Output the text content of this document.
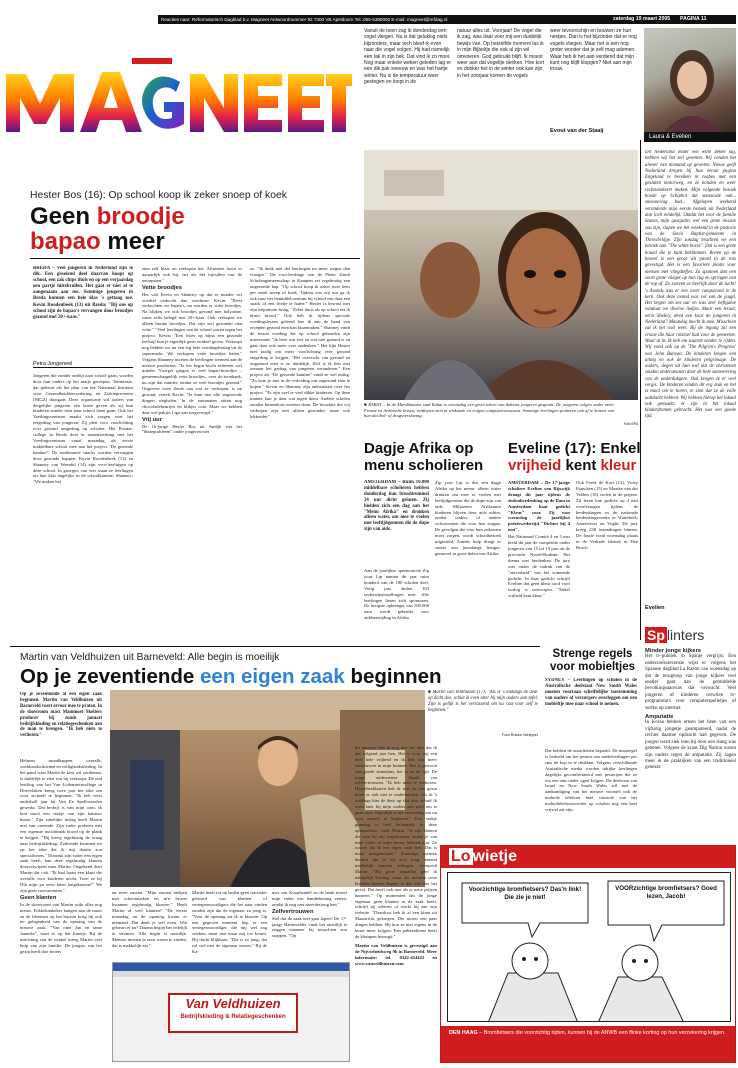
Reacties naar: Reformatorisch Dagblad b.v. Magneet Antwoordnummer 92 7300 VB Apeldoorn Tel.:055-5390000 E-mail: magneet@refdag.nl	zaterdag 19 maart 2005 PAGINA 11
Laura & Evelien
Vanuit de oven zag ik donderdag een vogel vliegen. Nu is dat gelukkig niets bijzonders, maar toch bleef ik even naar die vogel volgen. Hij had namelijk een tak in zijn bek. Dat vind ik zo mooi. Nog maar enkele weken geleden lag er een dik pak sneeuw en was het hartje winter. Nu is de temperatuur weer gestegen en loopt in de
natuur alles uit. Voorjaar! De vogel die ik zag, was daar voor mij een duidelijk bewijs van. Op hetzelfde moment las ik in mijn Bijbeltje die ook al zijn wil omvoeren. God gebruikt blijft. Ik moest weer aan dat vogeltje denken. Hoe kort en donker het in de winter ook kan zijn, in het voorjaar komen de vogels
weer tevoorschijn en bouwen ze hun nestjes. Dan is het bijzonder dat er nog vogels vliegen. Maar het is een nog groter wonder dat je zelf mag ademen. Waar heb ik het aan verdiend dat mijn kunt nog blijft klopgen? Niet aan mijn trouw.
Evout van der Staaij
Hester Bos (16): Op school koop ik zeker snoep of koek
Geen broodje
bapao meer
BREDA – Veel jongeren in Nederland zijn te dik. Een groeiend deel daarvan koopt op school, een zak chips thuis en op een verjaardag een partje hittebrullen. Het gaat er niet al te aangenaam aan toe. Sommige jongeren in Breda kunnen een hele klas 's gettaag toe. Kevin Roodenbeek (13) uit Breda: "Bij ons op school zijn de bapao's vervangen door broodjes gezond met 20+-kaas."
Petra Jongeneel
Jongeren die zonder ontbijt naar school gaan, worden door hun ouders op het matje geroepen. Tenminste, dat gebeurt als het plan van het Nationaal Instituut voor Gezondheidsbevordering en Ziektepreventie (NIGZ) doorgaat. Deze organisatie wil ouders van dergelijke jongeren een boete geven als zij hun kinderen zonder eten naar school laten gaan. Ook het Voedingscentrum maakt zich zorgen over het eetgedrag van jongeren. Zij pleit voor voorlichting over gezond ontgedrag op scholen. Het Prisma-college in Breda doet in samenwerking met het Voedingscentrum vanaf maandag als eerste middelbare school mee aan het project "De gezonde kantine". De traditionele snacks worden vervangen door gezonde happen. Kevin Roodenbeek (13) en Shanney van Weerdel (14) zijn vwo-leerlingen op deze school. In groepjes van vier staan ze leerlingen uit hun klas dagelijks in de schoolkantine. Shanney: "We maken het

eten zelf klaar en verkopen het. Afruimen hoort er natuurlijk ook bij, net als het bijvullen van de automaten."

Vette broodjes

Het valt Kevin en Shanney op dat er minder vet voedsel verkocht dan voorheen. Kevin: "Eerst verkochten we bapao's, nu worden er witte broodjes. Na blijken we ook broodjes gezond met halvarine, soms zelfs belegd met 20+-kaas. Ook verkopen we alleen bruine broodjes. Dat zijn wel gezonder dan witte." "Veel leerlingen van de school waren tegen het project. Kevin: "Een frites op bijna een gezonde leefstijl kun je eigenlijk geen oordeel geven. Verkoopt nog hebben we nu een erg hele voedingsbeslag uit de supermarkt. We verkopen vette broodjes halen." Volgens Shanney moeten de leerlingen wennen aan de nieuwe producten. "Je bet begin kocht iedereen wel minder. Vroeger gingen er veel bapao-broodjes –gemeenschappelijk vette broodjes– over de toonbank, nu zijn dat minder, omdat ze veel broodjes gezond." Ongeveer twee derde van wat ze verkopen, is nu gezond, vertelt Kevin. "Je kunt niet alle ongezonde dingen weghalen. In de automaten zitten nog chocoladebeurtjes en blikjes cola. Maar we hebben daar wel pakjes Liga aan toegevoegd."

Vrij uur

De 16-jarige Hester Bos uit Andijk ziet het "dikteprobleem" onder jongeren niet

zo. "Ik denk niet dat leerlingen nu meer wegen dan vroeger." De vwo-leerlinge van de Pieter Zandt Scholengemeenschap in Kampen zet regelmatig een ongezonde hap. "Op school koop ik zeker twee keer per week snoep of koek. Tijdens een vrij uur ga ik ook naar het bemiddelcentrum bij school om daar een snack of een frietje te halen." Hester is bewust met zijn eetpatroon bezig. "Zeker thuis als op school eet ik bruin brood." Ook heb ik tijdens speciale voedingslessen geleerd hoe ik aan de hand van recepten gezond eten kan klaarmaken." Shanney vindt de lessen voeding die op school gehouden zijn interessant. "Je leert wat wel en wat niet gezond is en gaat daar ook meer over nadenken." Het lijkt Hester niet nodig om meer voorlichting over gezond eetgedrag te krijgen. "Het overzicht van gezond en ongezond eten is zo duidelijk. Zelf is ik ben niet zomaar het gedrag van jongeren veranderen." Een project als "De gezonde kantine" vindt ze wel nuttig. "Zo kom je niet in de verleiding om ongezond eten te kopen." Kevin en Shanney zijn enthousiast over het project. "Er zijn veel te veel dikke kinderen. Op deze manier kun je daar wat tegen doen. Andere scholen zouden binnenkort moeten doen. De broodjes die wij verkopen zijn niet alleen gezonder, maar ook lekkerder."
■ RABAT – In de Marokkaanse stad Rabat is woensdag een groot tekort van dakloze jongeren gesprokt. De jongeren volgen onder meer Franse en Arabische lessen, verdiepen zich in wiskunde en volgen computercursussen. Sommige leerlingen proberen ook af te komen van hun alcohol- of drugsverslaving.
Foto EPA
Dagje Afrika op menu scholieren
AMSTERDAM – Ruim 10.000 middelbare scholieren hebben donderdag hun broodtrommel 24 uur dicht gelaten. Zij hielden zich een dag aan het "Menu Afrika" en dronken alleen water, om mee te voelen met leeftijdgenoten die de dupe zijn van aids.
Aan de jaarlijkse sponsoractie Zip your Lip namen dit jaar ruim honderd van de 180 scholen deel. Vorig jaar deden 163 onderwijsinstellingen mee. Alle leerlingen lieten zich sponsoren. De hoogste opbrengst van 500.000 euro wordt gebruikt voor aidsbestrijding in Afrika.
Zip your Lip is dus een dagje Afrika op het menu: alleen water drinken om mee te voelen met leeftijdgenoten die de dupe zijn van aids. Miljoenen Afrikaanse kinderen blijven door aids achter, omdat ouders of andere volwassenen die voor hen zorgen. De gevolgen die voor hun onkomen moet zorgen, wordt schoolbezoek uitgesteld. Zonder hulp dreigt er steeds een jarenlange honger- gemoord in grote delen van Afrika.
Eveline (17): Enkel
vrijheid kent kleur

AMSTERDAM – De 17-jarige scholiere Eveline van Rijswijk draagt dit jaar tijdens de dodenherdenking op de Dam in Amsterdam haar gedicht "Kleur" voor. Zij won woensdag de jaarlijkse poëziewedstrijd "Dichter bij 4 mei".

Het Nationaal Comité 4 en 5 mei hield dit jaar de competitie onder jongeren van 15 tot 19 jaar uit de provincie Noord-Brabant. Het thema was herdenken. De jury was onder de indruk van de "zuiverheid" van het winnende gedicht. In haar gedicht schrijft Eveline dat geen kleur oord voor oorlog is ontworpen. "Enkel vrijheid kent kleur."

Ook Freek de Kort (14), Vicky Francken (15) en Maaike van der Velden (16) vielen in de prijzen. Zij lezen hun gedicht op 4 mei voorlezingen tijdens de herdenkingen in de nationale herdenkingscentra in Waterberk, Amersfoort en Vught. De jury kreeg 238 inzendingen binnen. De finale vond woensdag plaats in de Verkade fabriek in Den Bosch.
Dit Nederland onder een witte deken lag, hebben wij het zeil geweten. Wij vonden het alweer van niemand op geweten. Nieuw geeft Nederland kregen bij hun eerste pagina Engeland te bereiken in roabes met een geslaten motorweg, en ze konden en weer rechtsomkeert maken. Mijn volgende bezoek hoede op Schiphol dat sneeuwde ook... sneeuwvlag had... Afgelopen weekend veranderde mijn eerste bezoek uit Nederland dan toch eindelijk. Omdat het voor de familie Stanes, mijn gastgezin, wel een grote invasie zou zijn, slapen we het weekend in de pastorie van de Sovia Baptist-gemeente in Throwbridge. Zijn zondag brachten we een bezoek aan "The white horse". Dat is een grote houed die je kunt beklimmen. Boven op de heuvel is een groot wit paard in de rots gevestigd. Het is een favoriete plaats voor mensen met vliegdiefjes. Zo spannen dan een soort grote vlieger op hun rug en springen van de top af. Zo zweven ze heerlijk door de lucht! 's Avonds was er een soort campavond in de kerk. Ook deze avond was vol van de jeugd. Het begon om zes uur en was zeer heftgaloe vandaar we diverse liedjes. Maar een leraar, eerst Shelley, deed een koor de jongeren in Nederland? Maandag mocht ik mee. Misschien zal ik het ooit weer. Bij de ingang zat een vrouw die haar rolstoel had voor de gemeente. Waar al in. Ik heb om waarde zonder te rijden. Wij vond ook op de 'The Pilgrim's Progress' van John Bunyan. De kinderen kregen een uitleg en ook de kinderen pelgrimage. De ouders, degen uit hun wal dat de christenen zouden ondersteunen door de hele samenleving van de onderdakgere. Ook kregen ze er veel vergis. De kinderen vinden dit erg leuk en het is mooi om te horen, te zien dat ze de volle aandacht hebben. Wij hebben hierop het lokaal ook gemaakt; er zijn in het lokaal kinderdromen gebracht. Het was een goede tijd.
Evelien
Sp linters
Minder jonge kijkers

Het tv-publiek in Spanje vergrijst. Een onderzoeksrecensie wijst er volgens het Spaanse dagblad La Razon van woensdag op dat de terugloop van jonge kijkers veel sneller gaat dan de gemiddelde bevolkingsaanwas dat verwacht. Veel jongeren of kinderen verwilen tv-programma's voor computerspelletjes of surfen op internet.

Amputatie

In Korea hebben artsen het been van een vijftarig jongetje geamputeerd, nadat de rechter daartoe opdracht had gegeven. De jongen werd ziek toen bij door een slang was gebeten. Volgens de krant Dig Nation waren zijn ouders tegen de amputatie. Zij zagen meer in de praktijken van een traditioneel genezer.

Strenge regels voor mobieltjes
SYDNEY – Leerlingen op scholen in de Australische deelstaat New South Wales moeten voortaan schriftelijke toestemming van ouders of verzorgers overleggen om een mobieltje mee naar school te nemen.
Dat hebben de autoriteiten bepaald. De maatregel is bedoeld om het pesten van medeleerlingen per sms de kop in te drukken. Volgens verschillende Australische media worden talrijke leerlingen dagelijks gecomfronteerd met pesterijen die ze via een sms onder ogen krijgen. De deelstaat van Israel en New South Wales wil met de aankondiging van het nieuwe voorstel ook de mobiele telefoon heel controle van het mobieltelefoonvoerder op scholen nog een heel vrijwel zal zijn.
Martin van Veldhuizen uit Barneveld: Alle begin is moeilijk
Op je zeventiende een eigen zaak beginnen
Op je zeventiende al een eigen zaak beginnen. Martin van Veldhuizen uit Barneveld voert ervoor mee te praten. In de showroom mast Mammoet Skelters producer bij zonds januari bedrijfskleding en relatiegeschenken aan de man te brengen. "Ik heb niets te verliezen."

Helmen, mondkappen, overalls, werkhandschoenen en veiligheidskleding. In het pand waar Martin de kost wil verdienen, is duidelijk te zien wat hij verkoopt. De oud leerling van het Van Lodensteincollege in Hoevelaken kreeg twee jaar het idee om voor zichzelf te beginnen. "Ik heb eerst anderhalf jaar bij Van Ee Spelfootselen gewerkt. Dat bedrijf is van mijn oom. Ik kon mooi een stukje van zijn kantoor huren." Zijn zakelijke inslag heeft Martin niet van vreemde. Zijn vader probeert met een eigenste inzichtmak brood op de plank te krijgen. "Hij kreeg regelmatig de vraag naar bedrijfskleding. Zodoende kwamen we op het idee dat ik mij daarin zou specialiseren." Doordat zijn vader een eigen zaak heeft, kan deze regelmatig klanten doorverwijzen naar Martin. Ongekend doet Martin dat ook. "Ik had laatst een klant die overalls voor kinderen nocht. Toen ze bij Dik mijn pa even laten langskomen?" We zijn geen concurrenten."

Geen klanten

In de showroom van Martin ruikt alles nog nieuw. Fokkeltankeker hangen aan de muur en de bloemen op het bureau krrig hij ook ter gelegenheid van de opening van de nieuwe zaak. "Van ome Jan en tante Janneke", staat er op het kaartje. Bij de inrichting van de winkel kreeg Martin veel hulp van zijn familie. De jongste van het gezin heeft drie broers

■ Martin van Veldhuizen (17): "Als ik 's middags de deur op dicht doe, schiet ik even later bij mijn ouders aan tafel. Zijn is gelijk is het verrassend om nu rust voor zelf te beginnen."
Foto Ruben Schipper
en twee zussen. "Mijn zussen hielpen met schoonmaken en m'n broers kwamen regelmatig klussen." Heeft Martin al veel klanten? "De eerste maandag na de opening kwam er niemand. Dat denk je wel even: Wat gebeurt er nu? Daarna begon het redelijk te stromen. Alle begin is moeilijk. Mensen moeten je eerst weten te vinden, dat is makkelijk zat."
Martin heeft tot op heden geen tractaties gehoord van klanten of vertegenwoordigers die het naar vinden zouden zijn dat de eigenaar zo jong is. "Voor de opening zat ik te klussen. Op een gegeven moment liep er een vertegenwoordiger, die mij wel zag werken, maar met maar mij toe kwam. Hij dacht blijkbaar: "Die is zo jong, dat zal wel niet de eigenaar wezen." Bij de Ka-

mer van Koophandel en de bank moest mijn vader een handtekening zetten, omdat ik nog niet meerderjarig ben."

Zelfvertrouwen

Stel dat de zaak niet gaat lopen? De 17-jarige Barnevelder vindt het moeilijk te zeggen wanneer hij misschien zou stoppen. "Op

dit moment heb ik nog niet het idee dat ik dat volgend jaar ben. Het is voor mij een deel hele vrijheid en ik heb ook meer vertrouwen in mijn kunnen. Het is gewoon een goede stimulans, het is nu de tijd. De jonge ondernemer blaakt van zelfvertrouwen. "Ik heb niets te verliezen. Hypotheeklasten heb ik niet en ons gezin hoeft er ook niet te onderhouden. Als ik 's middags hier de deur op slot doe, schuif ik even later bij mijn ouders aan tafel om te gaan eten. Eigenlijk is het verstandig om nu voor mezelf te beginnen." Een stukje gunning is heel belangrijk in deze opbouwfase, vindt Martin. "Je zijn klanten die sent bij mij langskomen, omdat je van mijn vader of mijn broers bekend zijn. Ze wisten dat ik een eigen zaak heb. Dat is mooi meegenomen." Sommige mensen denken dat je bij zo'n jong iemand makkelijk kunnen afdingen, vermoedt Martin. "Bij grote aantallen geef ik natuurlijk korting, maar als mensen twee broeken komen kopen, is dat wel niet het geval. Dat hoeft ook niet als je nette prijzen hanteert." Op momenten dat de jonge eigenaar geen klanten in de zaak heeft, schrijft hij offertes of werkt hij aan zijn website. "Daardoor heb ik al een klant uit Maastricht gekregen. Die moest een paar dingen hebben. Hij kon ze niet ergens in de buurt meer krijgen. Een pakketdienst heeft de klompen bezorgd."

Martin van Veldhuizen is gevestigd aan de Nijverheidsweg 9b in Barneveld. Meer informatie: tel. 0342-424422 en www.vanveldhuizen.com.

Van Veldhuizen
Bedrijfskleding & Relatiegeschenken
Lo wietje
Voorzichtige bromfietsers? Das'n link! Die zie je niet!
VOORzichtige bromfietsers? Goed lezen, Jacob!
DEN HAAG – Bromfietsers die voorzichtig rijden, kunnen bij de ANWB een flinke korting op hun verzekering krijgen.
